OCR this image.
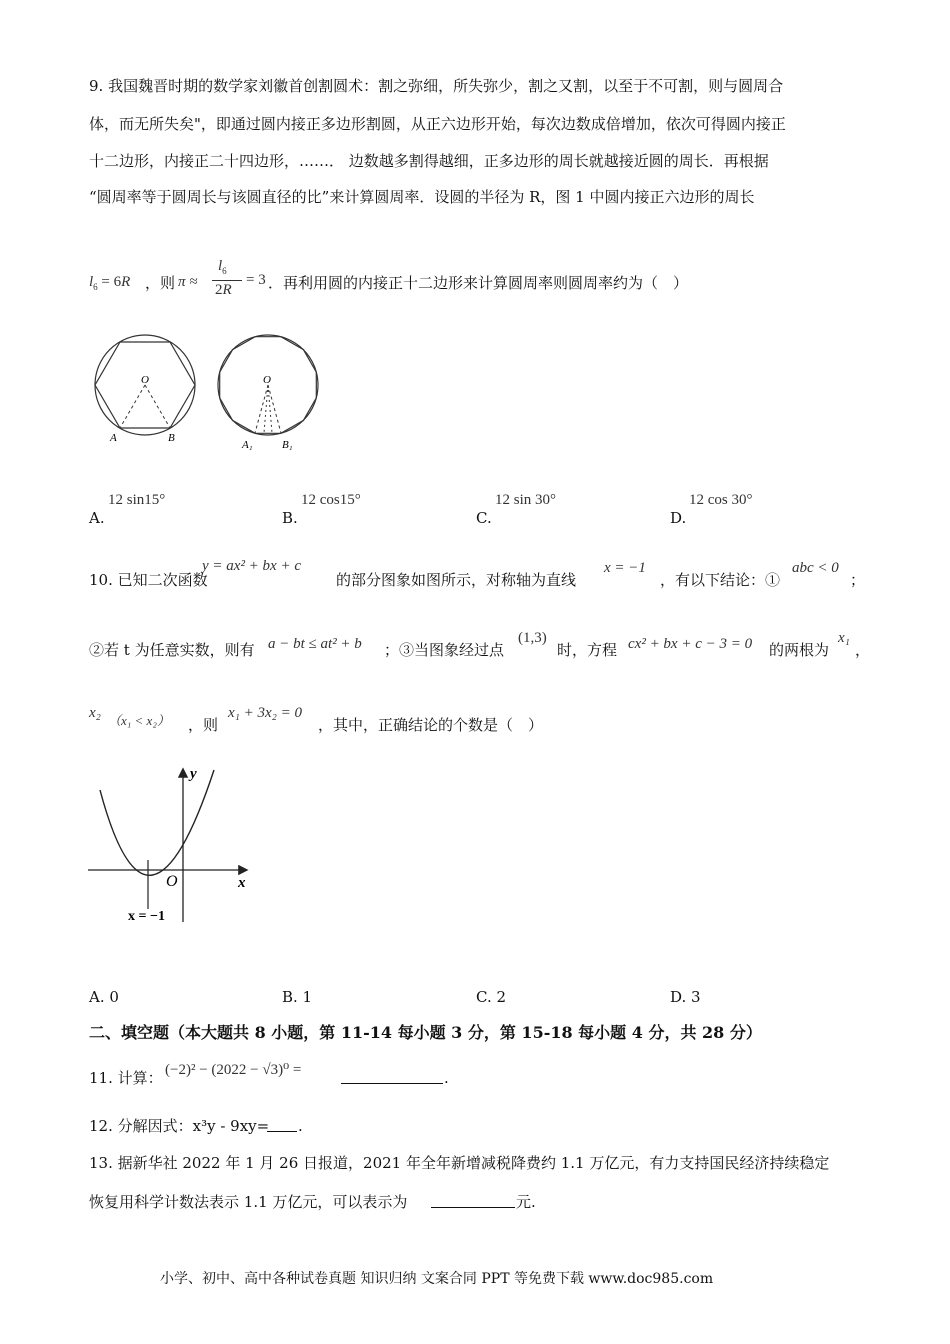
9. 我国魏晋时期的数学家刘徽首创割圆术：割之弥细，所失弥少，割之又割，以至于不可割，则与圆周合
体，而无所失矣"，即通过圆内接正多边形割圆，从正六边形开始，每次边数成倍增加，依次可得圆内接正
十二边形，内接正二十四边形，……． 边数越多割得越细，正多边形的周长就越接近圆的周长．再根据
“圆周率等于圆周长与该圆直径的比”来计算圆周率．设圆的半径为 R，图 1 中圆内接正六边形的周长
$l_6 = 6R$ ，则 π ≈
$l_6$
2R
= 3 ．再利用圆的内接正十二边形来计算圆周率则圆周率约为（　）
O
A	B
O
A₁	B₁
A.
12 sin15°
B.
12 cos15°
C.
12 sin 30°
D.
12 cos 30°
10. 已知二次函数
y = ax² + bx + c
的部分图象如图所示，对称轴为直线
x = −1
，有以下结论：①
abc < 0
；
②若 t 为任意实数，则有 a − bt ≤ at² + b ；③当图象经过点
(1,3)
时，方程 cx² + bx + c − 3 = 0 的两根为
x₁
，
x₂ （x₁ < x₂） ，则
x₁ + 3x₂ = 0
，其中，正确结论的个数是（　）
y
x
O
x = −1
A. 0	B. 1	C. 2	D. 3
二、填空题（本大题共 8 小题，第 11-14 每小题 3 分，第 15-18 每小题 4 分，共 28 分）
11. 计算： (−2)² − (2022 − √3)⁰ =	.
12. 分解因式：x³y - 9xy= .
13. 据新华社 2022 年 1 月 26 日报道，2021 年全年新增减税降费约 1.1 万亿元，有力支持国民经济持续稳定
恢复用科学计数法表示 1.1 万亿元，可以表示为	元.
小学、初中、高中各种试卷真题 知识归纳 文案合同 PPT 等免费下载 www.doc985.com
